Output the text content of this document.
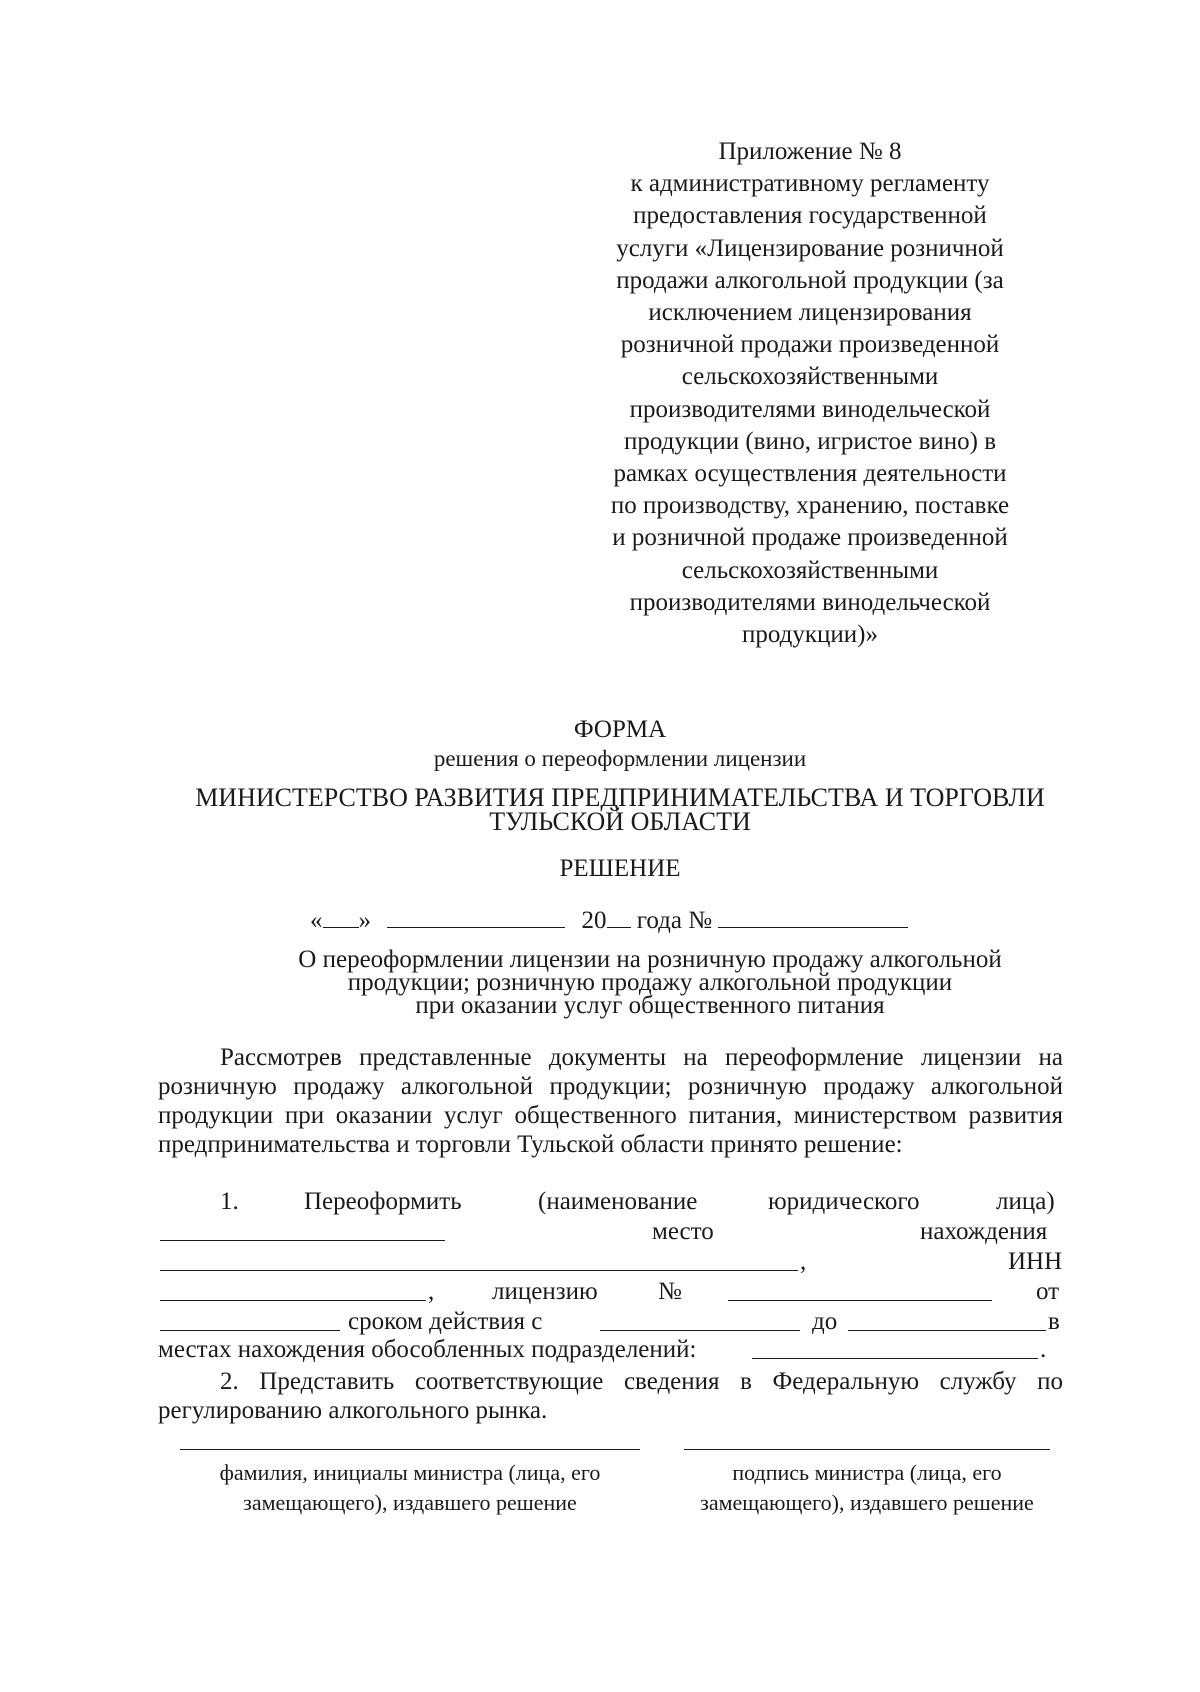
Приложение № 8
к административному регламенту
предоставления государственной
услуги «Лицензирование розничной
продажи алкогольной продукции (за
исключением лицензирования
розничной продажи произведенной
сельскохозяйственными
производителями винодельческой
продукции (вино, игристое вино) в
рамках осуществления деятельности
по производству, хранению, поставке
и розничной продаже произведенной
сельскохозяйственными
производителями винодельческой
продукции)»
ФОРМА
решения о переоформлении лицензии
МИНИСТЕРСТВО РАЗВИТИЯ ПРЕДПРИНИМАТЕЛЬСТВА И ТОРГОВЛИ
ТУЛЬСКОЙ ОБЛАСТИ
РЕШЕНИЕ
« »	20 года №
О переоформлении лицензии на розничную продажу алкогольной
продукции; розничную продажу алкогольной продукции
при оказании услуг общественного питания
Рассмотрев представленные документы на переоформление лицензии на розничную продажу алкогольной продукции; розничную продажу алкогольной продукции при оказании услуг общественного питания, министерством развития предпринимательства и торговли Тульской области принято решение:
1.	Переоформить	(наименование	юридического	лица)
место	нахождения
,	ИНН
, лицензию №	от
сроком действия с	до	в
местах нахождения обособленных подразделений:	.
2. Представить соответствующие сведения в Федеральную службу по регулированию алкогольного рынка.
фамилия, инициалы министра (лица, его
замещающего), издавшего решение
подпись министра (лица, его
замещающего), издавшего решение
